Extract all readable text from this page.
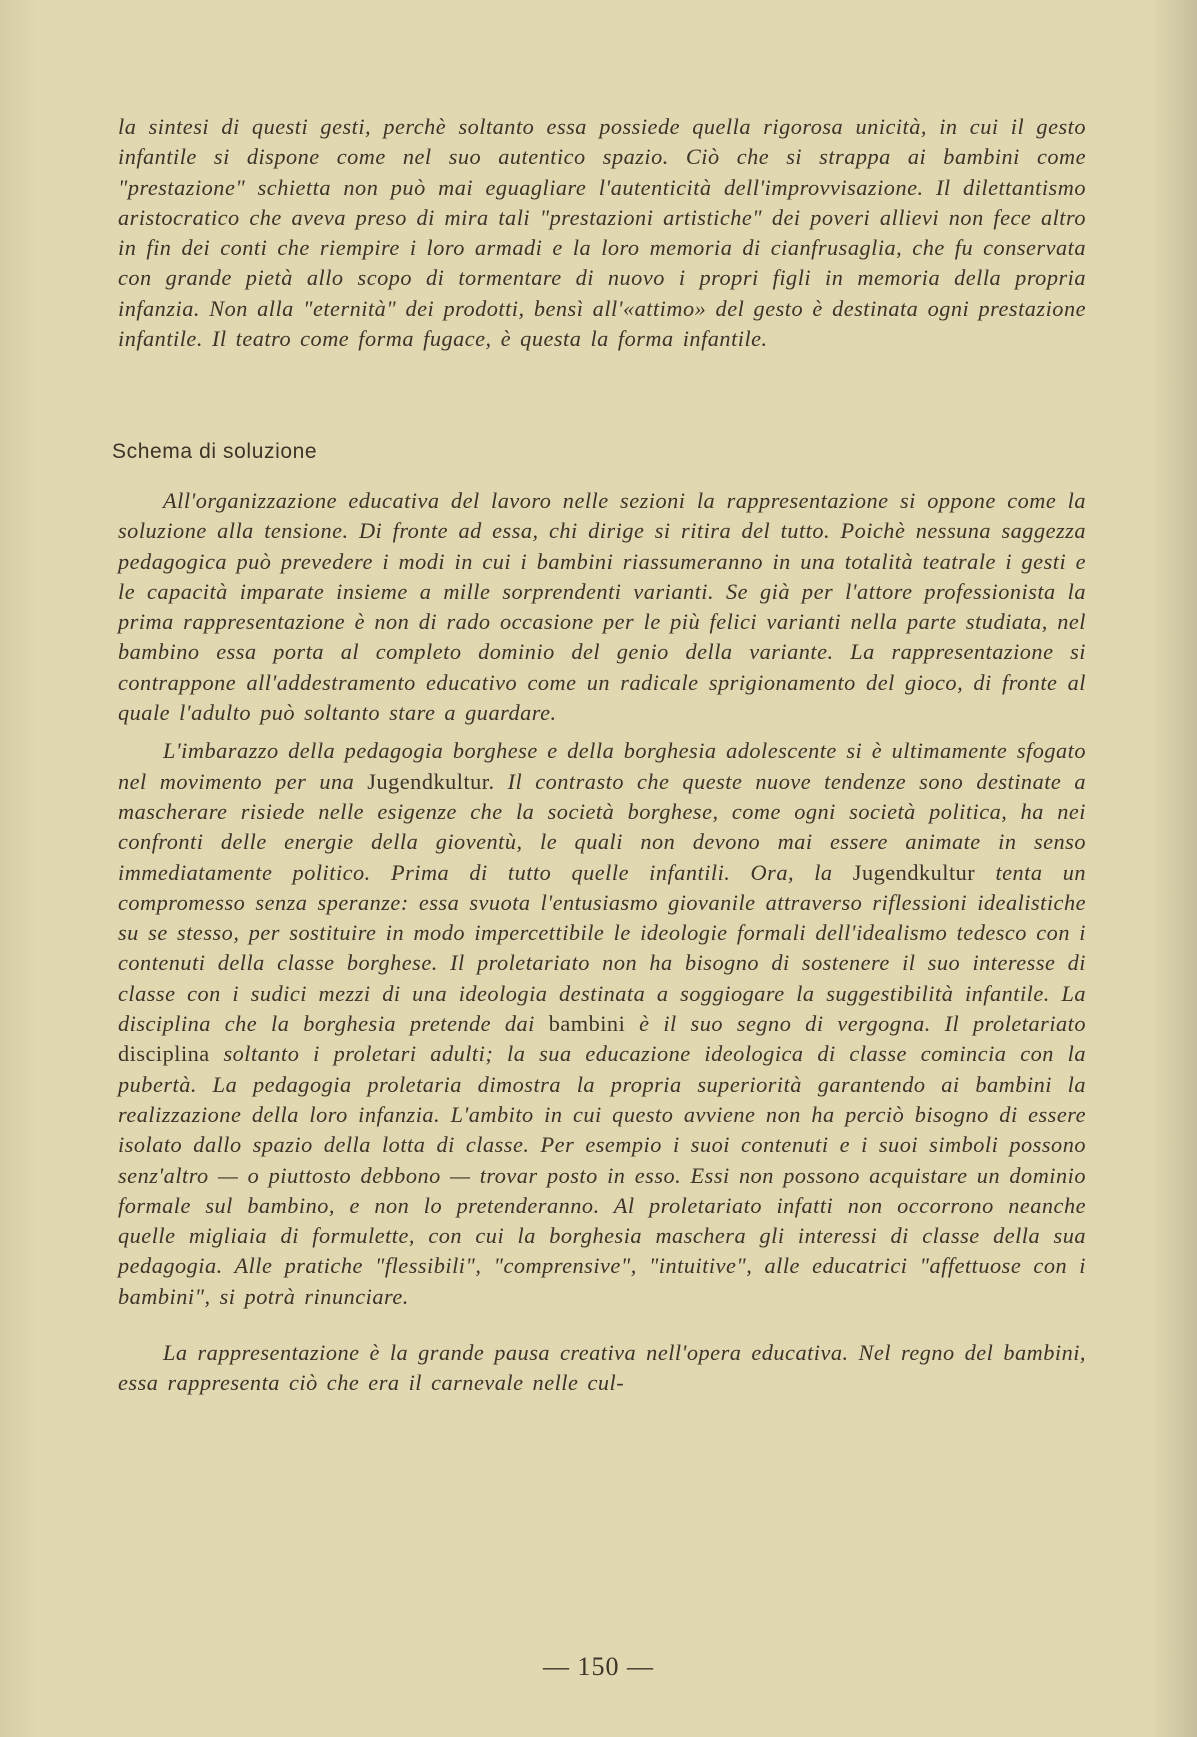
la sintesi di questi gesti, perchè soltanto essa possiede quella rigorosa unicità, in cui il gesto infantile si dispone come nel suo autentico spazio. Ciò che si strappa ai bambini come "prestazione" schietta non può mai eguagliare l'autenticità dell'improvvisazione. Il dilettantismo aristocratico che aveva preso di mira tali "prestazioni artistiche" dei poveri allievi non fece altro in fin dei conti che riempire i loro armadi e la loro memoria di cianfrusaglia, che fu conservata con grande pietà allo scopo di tormentare di nuovo i propri figli in memoria della propria infanzia. Non alla "eternità" dei prodotti, bensì all'«attimo» del gesto è destinata ogni prestazione infantile. Il teatro come forma fugace, è questa la forma infantile.

Schema di soluzione

All'organizzazione educativa del lavoro nelle sezioni la rappresentazione si oppone come la soluzione alla tensione. Di fronte ad essa, chi dirige si ritira del tutto. Poichè nessuna saggezza pedagogica può prevedere i modi in cui i bambini riassumeranno in una totalità teatrale i gesti e le capacità imparate insieme a mille sorprendenti varianti. Se già per l'attore professionista la prima rappresentazione è non di rado occasione per le più felici varianti nella parte studiata, nel bambino essa porta al completo dominio del genio della variante. La rappresentazione si contrappone all'addestramento educativo come un radicale sprigionamento del gioco, di fronte al quale l'adulto può soltanto stare a guardare.

L'imbarazzo della pedagogia borghese e della borghesia adolescente si è ultimamente sfogato nel movimento per una Jugendkultur. Il contrasto che queste nuove tendenze sono destinate a mascherare risiede nelle esigenze che la società borghese, come ogni società politica, ha nei confronti delle energie della gioventù, le quali non devono mai essere animate in senso immediatamente politico. Prima di tutto quelle infantili. Ora, la Jugendkultur tenta un compromesso senza speranze: essa svuota l'entusiasmo giovanile attraverso riflessioni idealistiche su se stesso, per sostituire in modo impercettibile le ideologie formali dell'idealismo tedesco con i contenuti della classe borghese. Il proletariato non ha bisogno di sostenere il suo interesse di classe con i sudici mezzi di una ideologia destinata a soggiogare la suggestibilità infantile. La disciplina che la borghesia pretende dai bambini è il suo segno di vergogna. Il proletariato disciplina soltanto i proletari adulti; la sua educazione ideologica di classe comincia con la pubertà. La pedagogia proletaria dimostra la propria superiorità garantendo ai bambini la realizzazione della loro infanzia. L'ambito in cui questo avviene non ha perciò bisogno di essere isolato dallo spazio della lotta di classe. Per esempio i suoi contenuti e i suoi simboli possono senz'altro — o piuttosto debbono — trovar posto in esso. Essi non possono acquistare un dominio formale sul bambino, e non lo pretenderanno. Al proletariato infatti non occorrono neanche quelle migliaia di formulette, con cui la borghesia maschera gli interessi di classe della sua pedagogia. Alle pratiche "flessibili", "comprensive", "intuitive", alle educatrici "affettuose con i bambini", si potrà rinunciare.

La rappresentazione è la grande pausa creativa nell'opera educativa. Nel regno del bambini, essa rappresenta ciò che era il carnevale nelle cul-

— 150 —
